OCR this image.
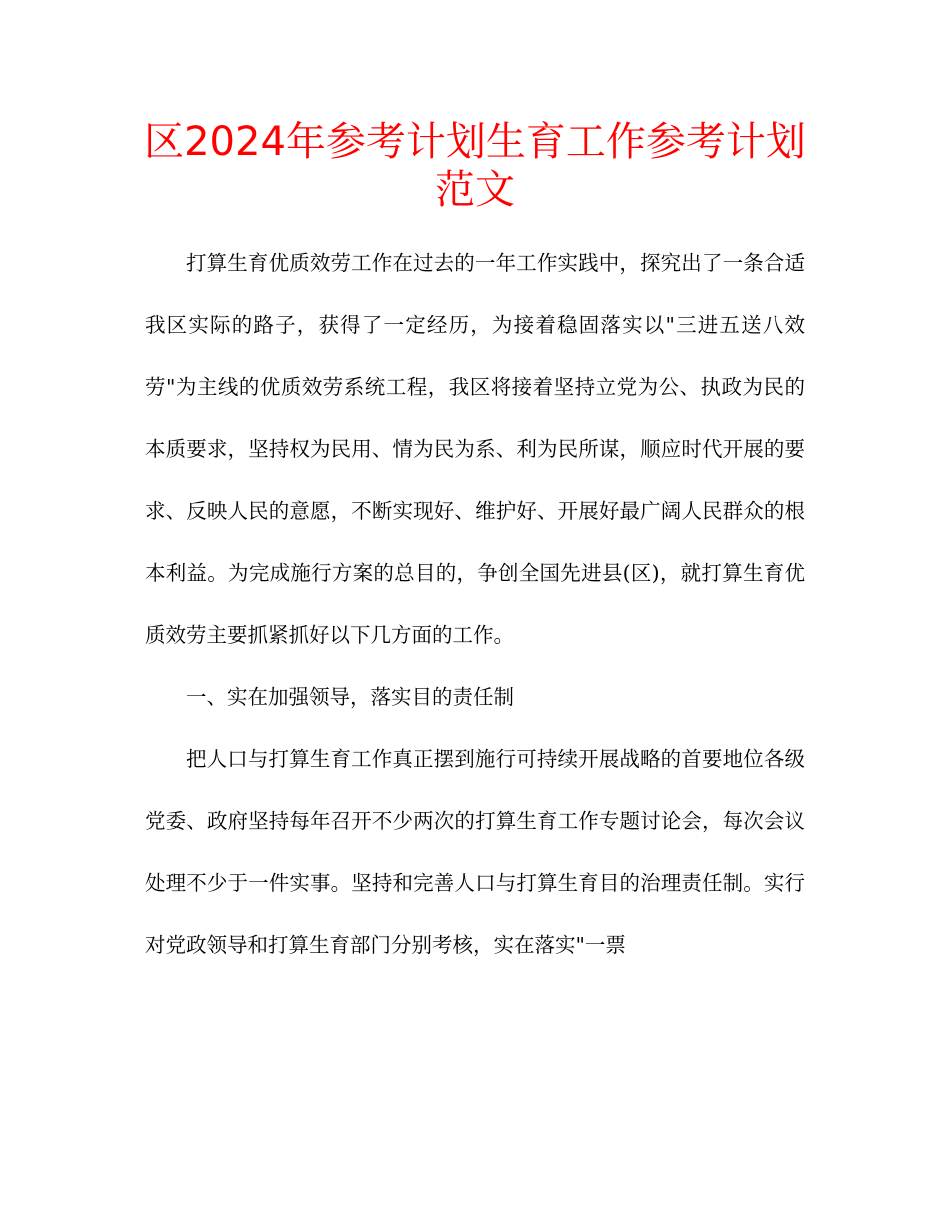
区2024年参考计划生育工作参考计划范文

打算生育优质效劳工作在过去的一年工作实践中，探究出了一条合适我区实际的路子，获得了一定经历，为接着稳固落实以"三进五送八效劳"为主线的优质效劳系统工程，我区将接着坚持立党为公、执政为民的本质要求，坚持权为民用、情为民为系、利为民所谋，顺应时代开展的要求、反映人民的意愿，不断实现好、维护好、开展好最广阔人民群众的根本利益。为完成施行方案的总目的，争创全国先进县(区)，就打算生育优质效劳主要抓紧抓好以下几方面的工作。

一、实在加强领导，落实目的责任制

把人口与打算生育工作真正摆到施行可持续开展战略的首要地位各级党委、政府坚持每年召开不少两次的打算生育工作专题讨论会，每次会议处理不少于一件实事。坚持和完善人口与打算生育目的治理责任制。实行对党政领导和打算生育部门分别考核，实在落实"一票
